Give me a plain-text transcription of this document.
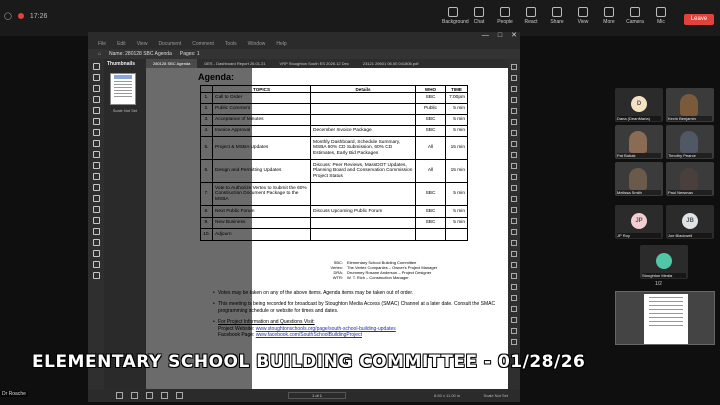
◯	17:26
Background	Chat	People	React	Share	View	More	Camera	Mic	Leave
— □ ✕
File Edit View Document Comment Tools Window Help
⌂ Name: 280128 SBC Agenda Pages: 1
Thumbnails
Scale Not Set
280128 SBC Agenda	DES - Dashboard Report 26.01.21	VRP Stoughton South ES 2026.12 Dec	23121 29601 06.00 041806.pdf
1 of 1	8.50 x 11.00 in	Scale Not Set
Agenda:
	TOPICS	Details	WHO	TIME
1.	Call to Order		SBC	7:00pm
2.	Public Comment		Public	5 min
3.	Acceptance of Minutes		SBC	5 min
4.	Invoice Approval	December Invoice Package	SBC	5 min
5.	Project & MSBA Updates	Monthly Dashboard, Schedule Summary, MSBA 60% CD Submission, 60% CD Estimates, Early Bid Packages	All	15 min
6.	Design and Permitting Updates	Discuss: Peer Reviews, MassDOT Updates, Planning Board and Conservation Commission Project Status	All	15 min
7.	Vote to Authorize Vertex to Submit the 60% Construction Document Package to the MSBA		SBC	5 min
8.	Next Public Forum	Discuss Upcoming Public Forum	SBC	5 min
9.	New Business		SBC	5 min
10.	Adjourn			
SBC:	Elementary School Building Committee
Vertex:	The Vertex Companies – Owner's Project Manager
DRA:	Drummey Rosane Anderson – Project Designer
WTR:	W. T. Rich – Construction Manager
• Votes may be taken on any of the above items. Agenda items may be taken out of order.
• This meeting is being recorded for broadcast by Stoughton Media Access (SMAC) Channel at a later date. Consult the SMAC programming schedule or website for times and dates.
• For Project Information and Questions Visit:
Project Website: www.stoughtonschools.org/page/south-school-building-updates
Facebook Page: www.facebook.com/SouthSchoolBuildingProject
ELEMENTARY SCHOOL BUILDING COMMITTEE - 01/28/26
D
Dana (DeanMaria)	Kevin Benjamin
Pat Bubak	Timothy Pearce
Melissa Smith	Paul Newman
JP
JP Roy
JB
Joe Blackwell
Stoughton Media
1/2
Dr Roache
